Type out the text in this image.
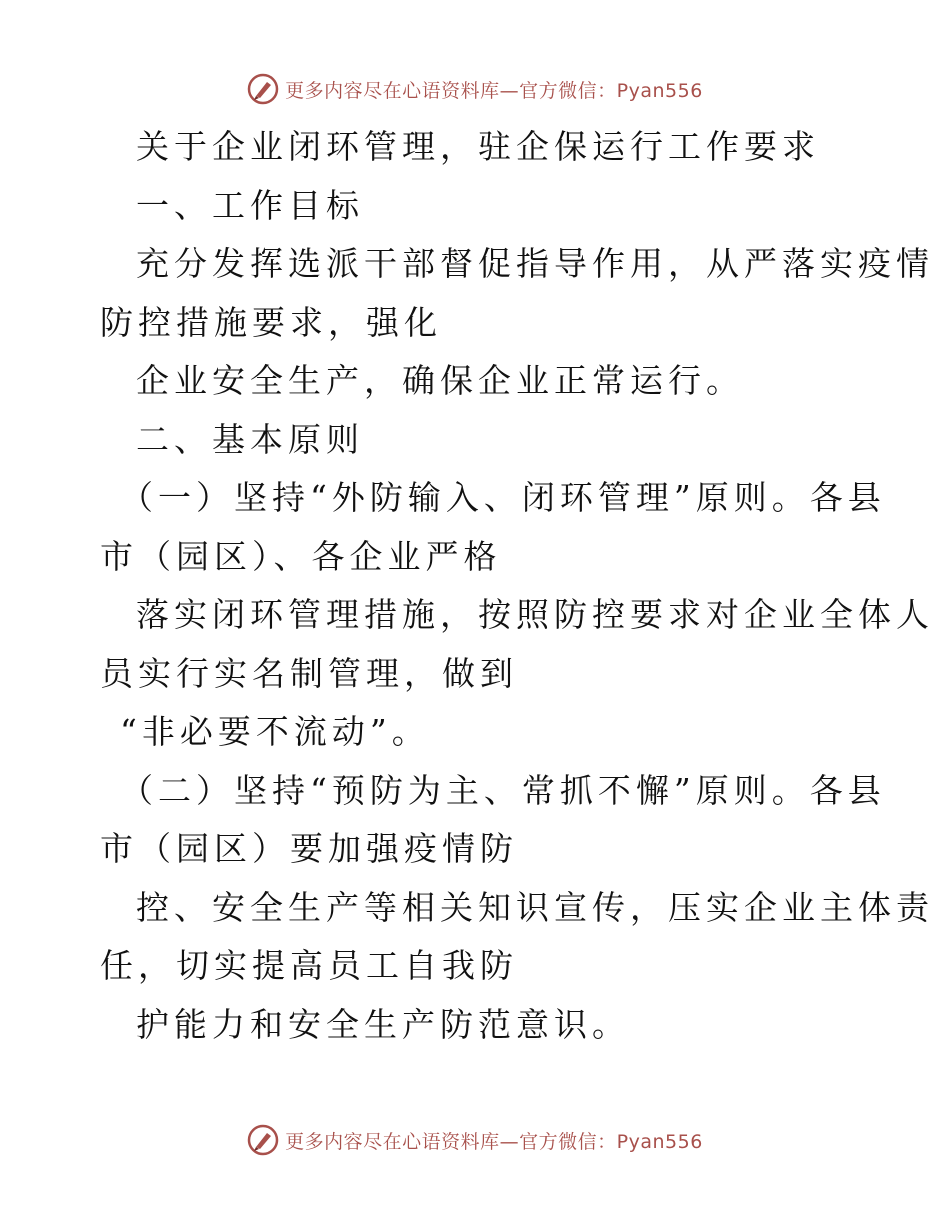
更多内容尽在心语资料库—官方微信：Pyan556
关于企业闭环管理，驻企保运行工作要求
一、工作目标
充分发挥选派干部督促指导作用，从严落实疫情
防控措施要求，强化
企业安全生产，确保企业正常运行。
二、基本原则
（一）坚持“外防输入、闭环管理”原则。各县
市（园区）、各企业严格
落实闭环管理措施，按照防控要求对企业全体人
员实行实名制管理，做到
“非必要不流动”。
（二）坚持“预防为主、常抓不懈”原则。各县
市（园区）要加强疫情防
控、安全生产等相关知识宣传，压实企业主体责
任，切实提高员工自我防
护能力和安全生产防范意识。
更多内容尽在心语资料库—官方微信：Pyan556
